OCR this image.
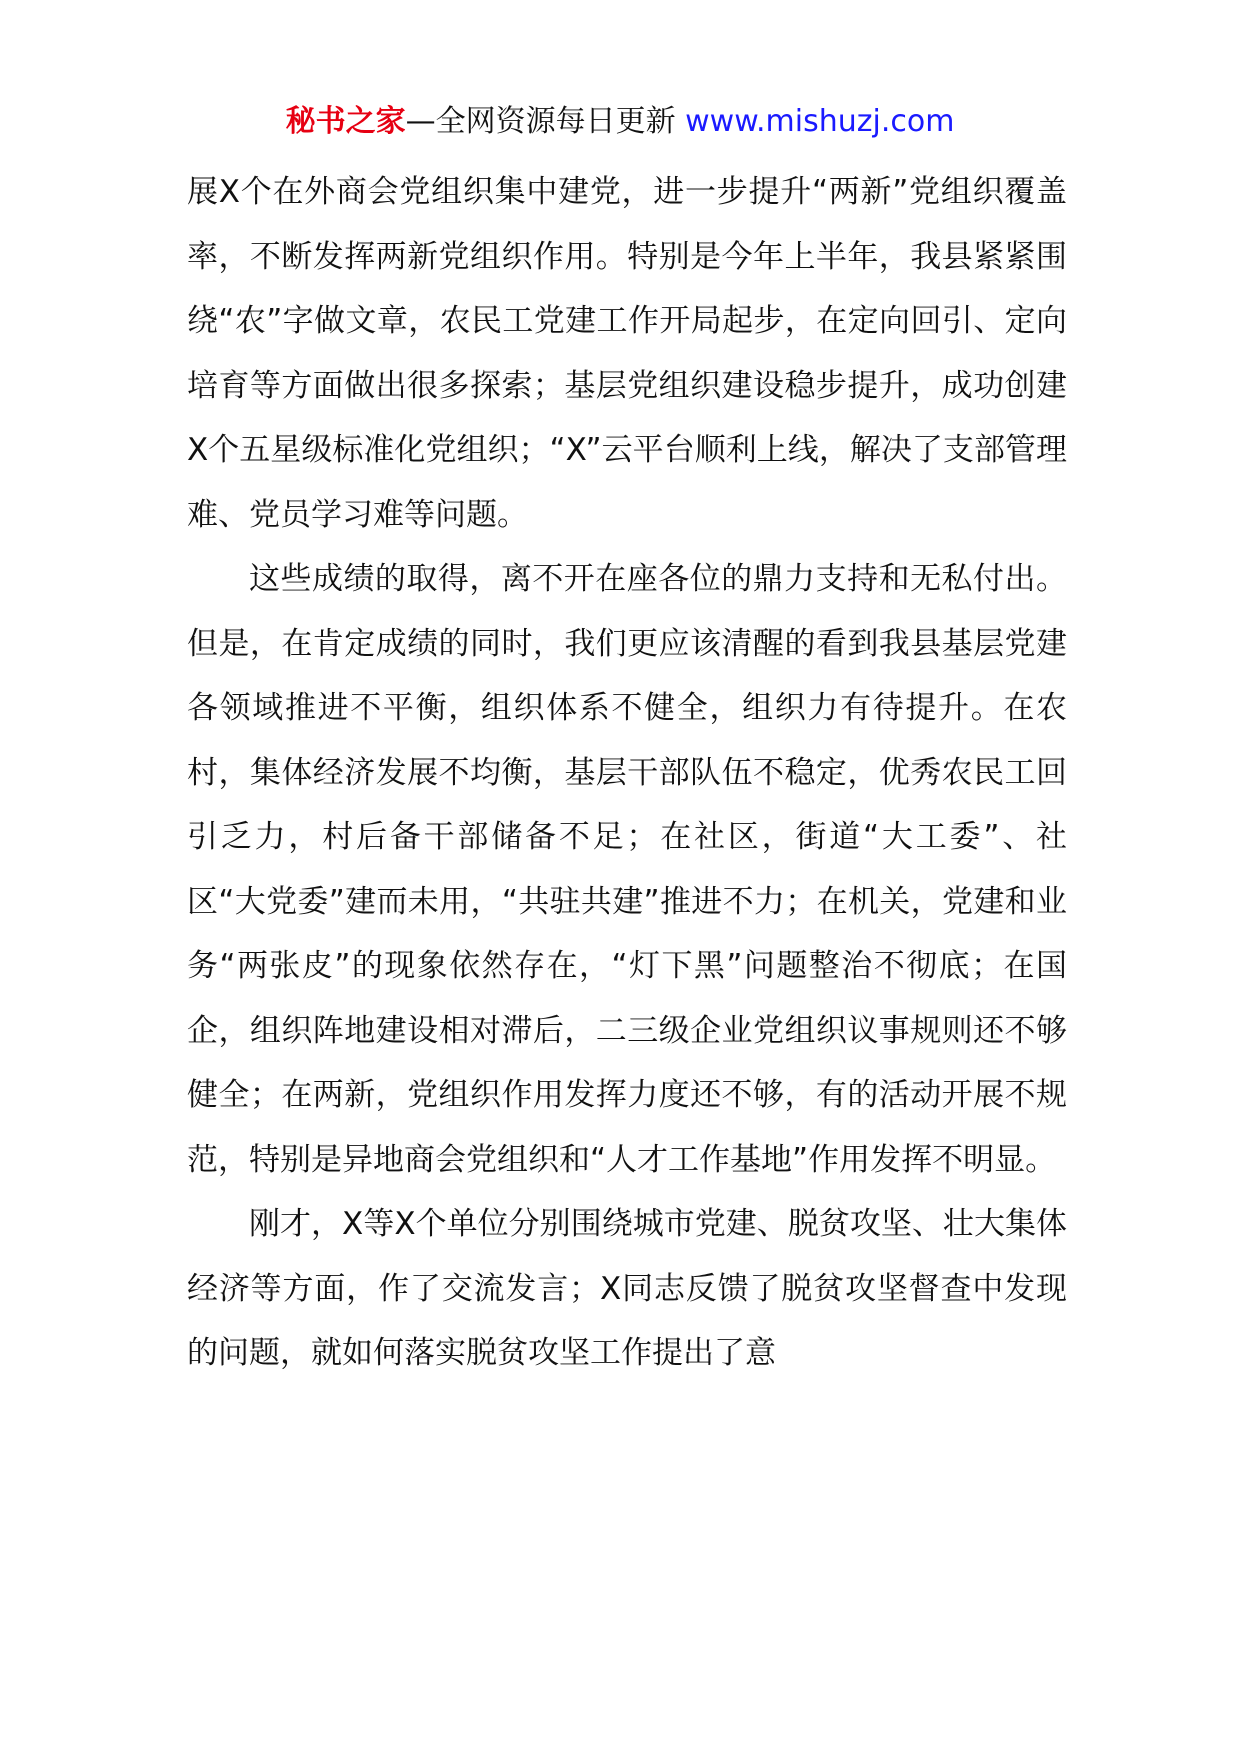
秘书之家—全网资源每日更新 www.mishuzj.com

展X个在外商会党组织集中建党，进一步提升“两新”党组织覆盖率，不断发挥两新党组织作用。特别是今年上半年，我县紧紧围绕“农”字做文章，农民工党建工作开局起步，在定向回引、定向培育等方面做出很多探索；基层党组织建设稳步提升，成功创建X个五星级标准化党组织；“X”云平台顺利上线，解决了支部管理难、党员学习难等问题。

这些成绩的取得，离不开在座各位的鼎力支持和无私付出。但是，在肯定成绩的同时，我们更应该清醒的看到我县基层党建各领域推进不平衡，组织体系不健全，组织力有待提升。在农村，集体经济发展不均衡，基层干部队伍不稳定，优秀农民工回引乏力，村后备干部储备不足；在社区，街道“大工委”、社区“大党委”建而未用，“共驻共建”推进不力；在机关，党建和业务“两张皮”的现象依然存在，“灯下黑”问题整治不彻底；在国企，组织阵地建设相对滞后，二三级企业党组织议事规则还不够健全；在两新，党组织作用发挥力度还不够，有的活动开展不规范，特别是异地商会党组织和“人才工作基地”作用发挥不明显。

刚才，X等X个单位分别围绕城市党建、脱贫攻坚、壮大集体经济等方面，作了交流发言；X同志反馈了脱贫攻坚督查中发现的问题，就如何落实脱贫攻坚工作提出了意
